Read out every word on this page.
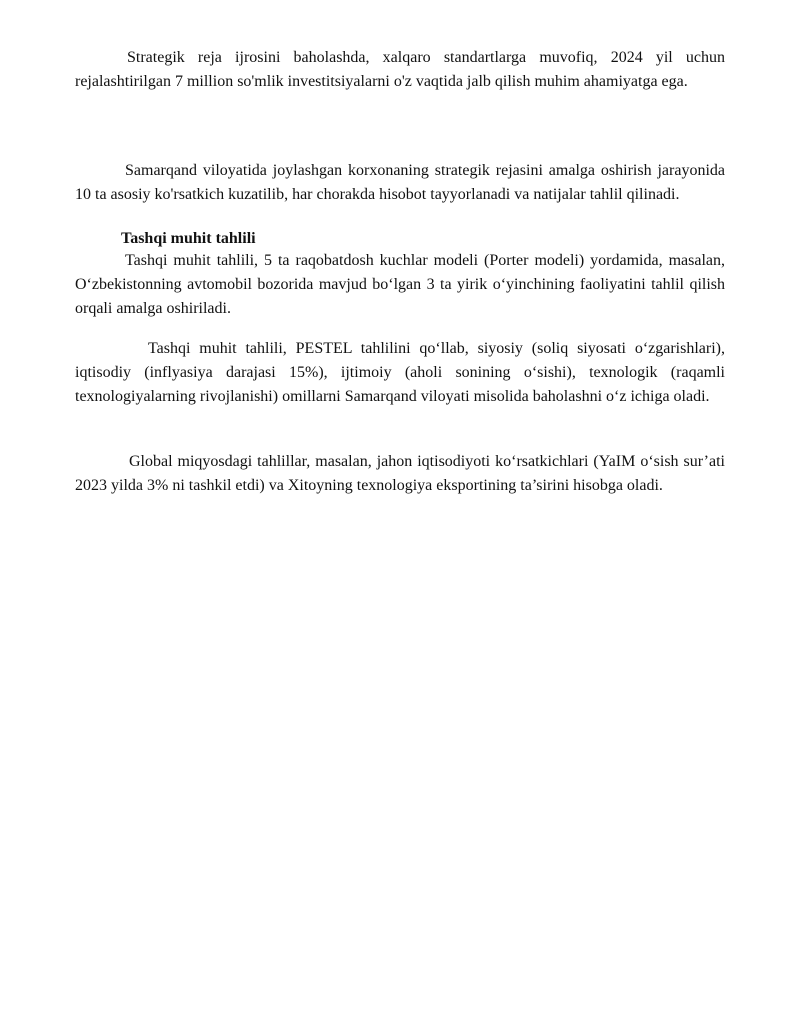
Strategik reja ijrosini baholashda, xalqaro standartlarga muvofiq, 2024 yil uchun rejalashtirilgan 7 million so'mlik investitsiyalarni o'z vaqtida jalb qilish muhim ahamiyatga ega.

Samarqand viloyatida joylashgan korxonaning strategik rejasini amalga oshirish jarayonida 10 ta asosiy ko'rsatkich kuzatilib, har chorakda hisobot tayyorlanadi va natijalar tahlil qilinadi.

Tashqi muhit tahlili

Tashqi muhit tahlili, 5 ta raqobatdosh kuchlar modeli (Porter modeli) yordamida, masalan, O‘zbekistonning avtomobil bozorida mavjud bo‘lgan 3 ta yirik o‘yinchining faoliyatini tahlil qilish orqali amalga oshiriladi.

Tashqi muhit tahlili, PESTEL tahlilini qo‘llab, siyosiy (soliq siyosati o‘zgarishlari), iqtisodiy (inflyasiya darajasi 15%), ijtimoiy (aholi sonining o‘sishi), texnologik (raqamli texnologiyalarning rivojlanishi) omillarni Samarqand viloyati misolida baholashni o‘z ichiga oladi.

Global miqyosdagi tahlillar, masalan, jahon iqtisodiyoti ko‘rsatkichlari (YaIM o‘sish sur’ati 2023 yilda 3% ni tashkil etdi) va Xitoyning texnologiya eksportining ta’sirini hisobga oladi.
